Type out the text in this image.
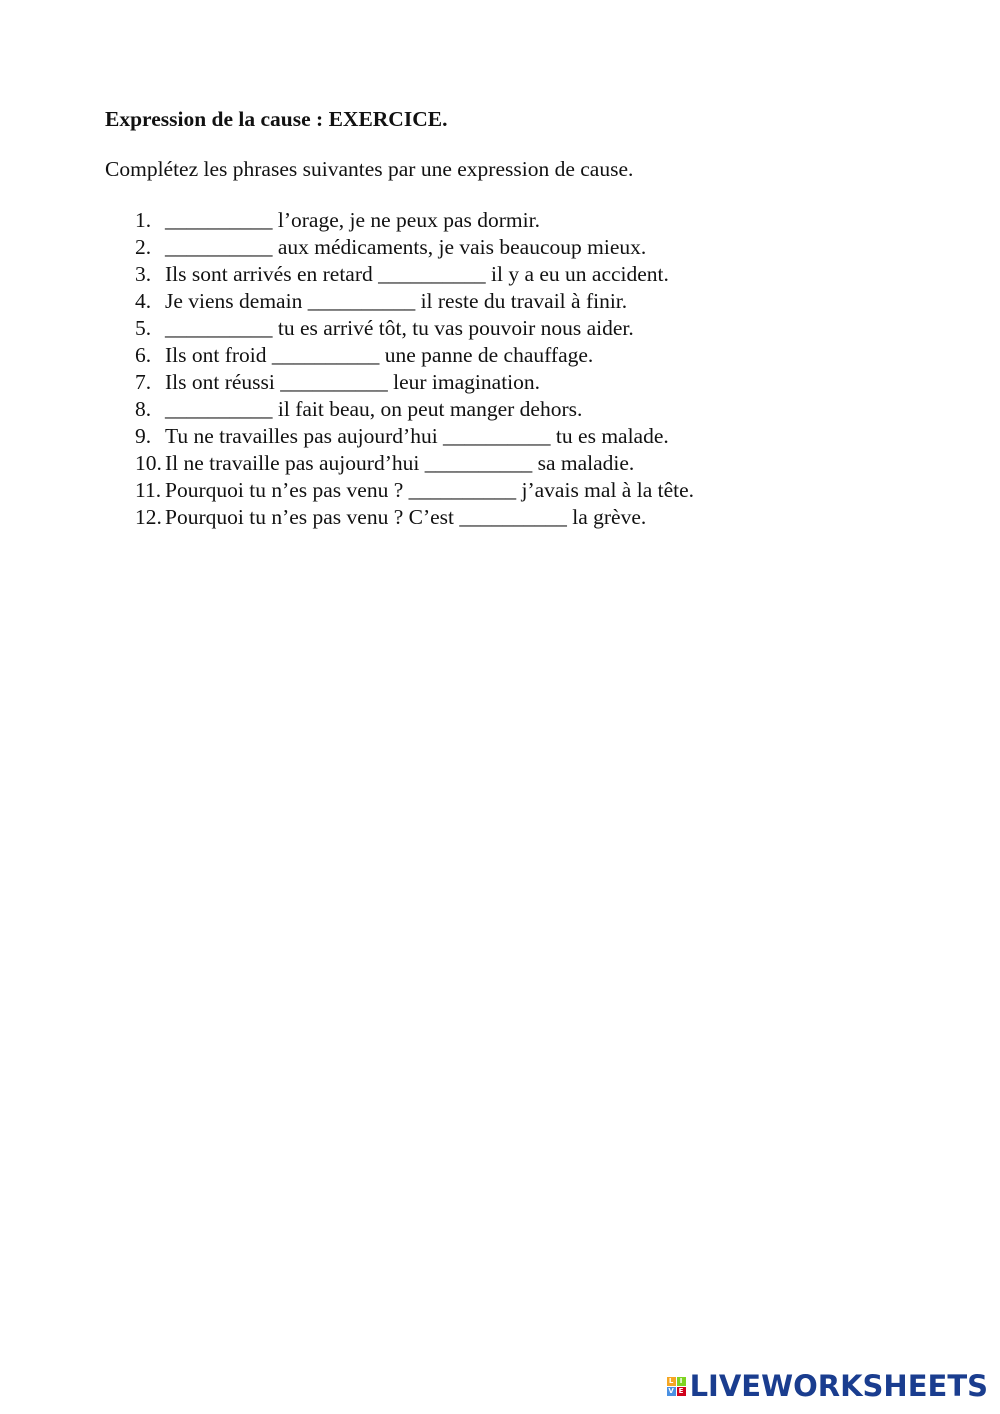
Expression de la cause : EXERCICE.
Complétez les phrases suivantes par une expression de cause.
1. __________ l’orage, je ne peux pas dormir.
2. __________ aux médicaments, je vais beaucoup mieux.
3. Ils sont arrivés en retard __________ il y a eu un accident.
4. Je viens demain __________ il reste du travail à finir.
5. __________ tu es arrivé tôt, tu vas pouvoir nous aider.
6. Ils ont froid __________ une panne de chauffage.
7. Ils ont réussi __________ leur imagination.
8. __________ il fait beau, on peut manger dehors.
9. Tu ne travailles pas aujourd’hui __________ tu es malade.
10. Il ne travaille pas aujourd’hui __________ sa maladie.
11. Pourquoi tu n’es pas venu ? __________ j’avais mal à la tête.
12. Pourquoi tu n’es pas venu ? C’est __________ la grève.
L I
V E LIVEWORKSHEETS
